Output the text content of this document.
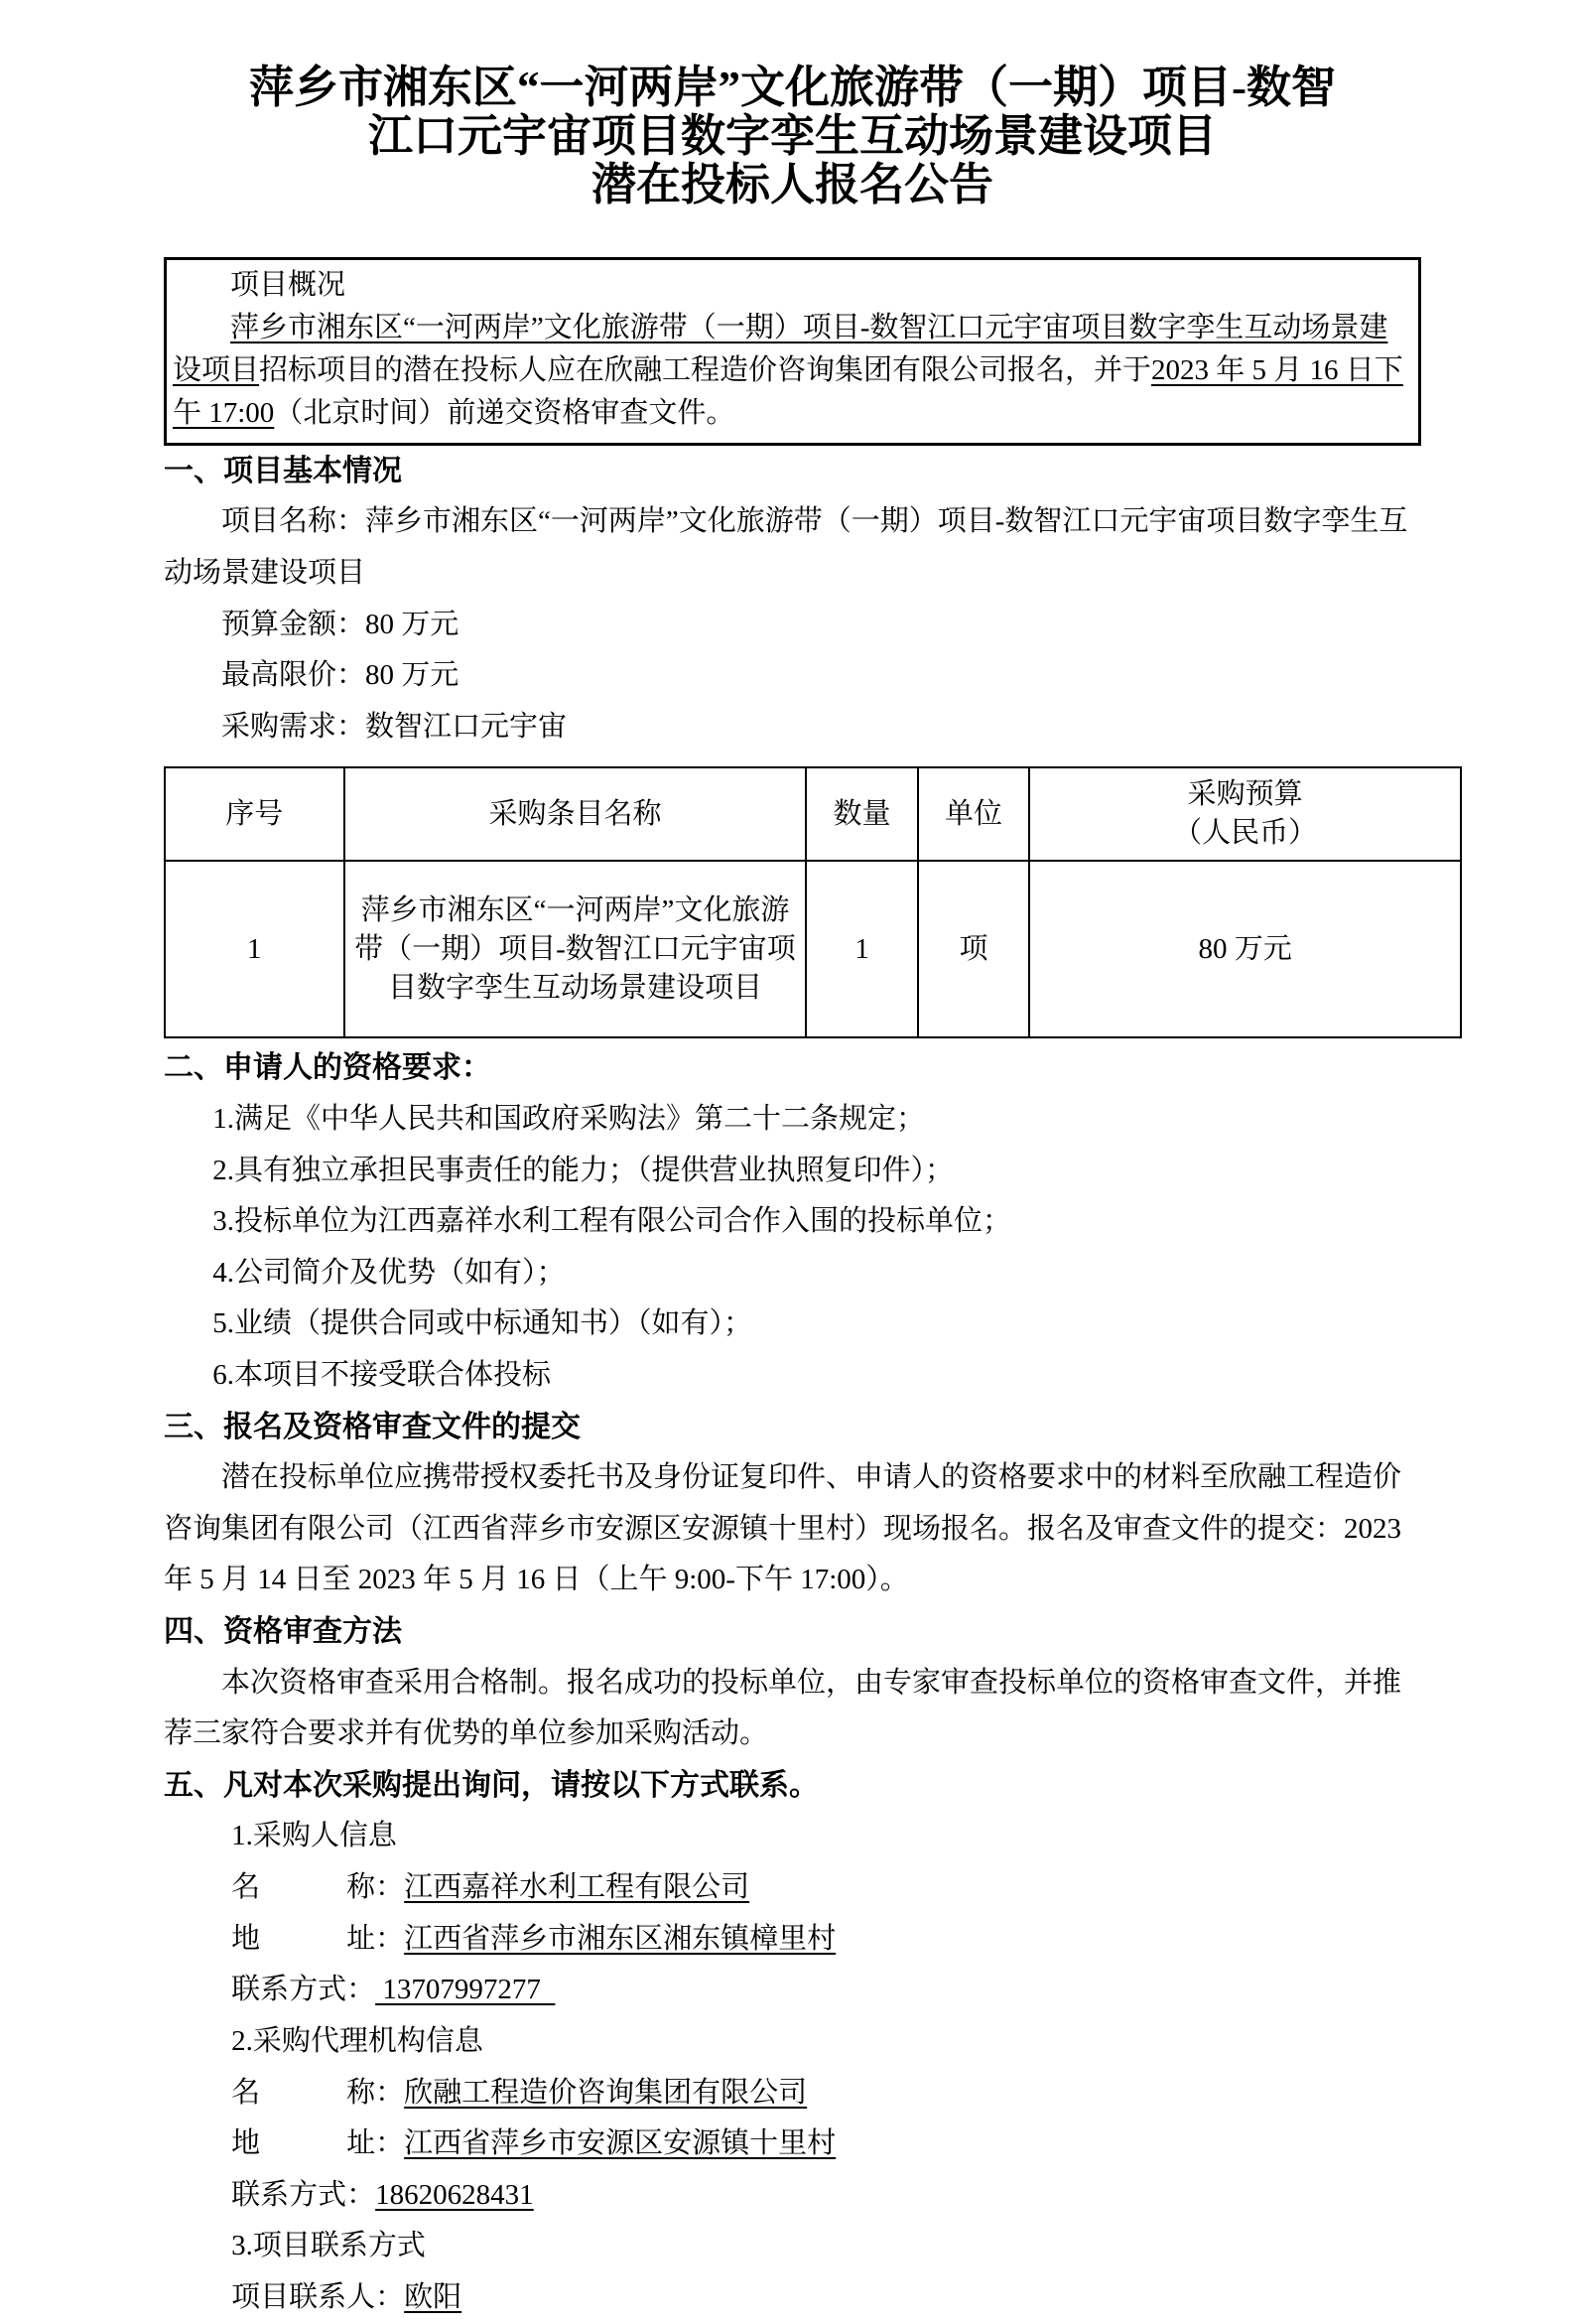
萍乡市湘东区“一河两岸”文化旅游带（一期）项目-数智
江口元宇宙项目数字孪生互动场景建设项目
潜在投标人报名公告

项目概况

萍乡市湘东区“一河两岸”文化旅游带（一期）项目-数智江口元宇宙项目数字孪生互动场景建设项目招标项目的潜在投标人应在欣融工程造价咨询集团有限公司报名，并于2023 年 5 月 16 日下午 17:00（北京时间）前递交资格审查文件。

一、项目基本情况

项目名称：萍乡市湘东区“一河两岸”文化旅游带（一期）项目-数智江口元宇宙项目数字孪生互动场景建设项目

预算金额：80 万元

最高限价：80 万元

采购需求：数智江口元宇宙

序号	采购条目名称	数量	单位	采购预算
（人民币）

1	萍乡市湘东区“一河两岸”文化旅游带（一期）项目-数智江口元宇宙项目数字孪生互动场景建设项目	1	项	80 万元

二、申请人的资格要求：

1.满足《中华人民共和国政府采购法》第二十二条规定；

2.具有独立承担民事责任的能力；（提供营业执照复印件）；

3.投标单位为江西嘉祥水利工程有限公司合作入围的投标单位；

4.公司简介及优势（如有）；

5.业绩（提供合同或中标通知书）（如有）；

6.本项目不接受联合体投标

三、报名及资格审查文件的提交

潜在投标单位应携带授权委托书及身份证复印件、申请人的资格要求中的材料至欣融工程造价咨询集团有限公司（江西省萍乡市安源区安源镇十里村）现场报名。报名及审查文件的提交：2023 年 5 月 14 日至 2023 年 5 月 16 日（上午 9:00-下午 17:00）。

四、资格审查方法

本次资格审查采用合格制。报名成功的投标单位，由专家审查投标单位的资格审查文件，并推荐三家符合要求并有优势的单位参加采购活动。

五、凡对本次采购提出询问，请按以下方式联系。

1.采购人信息

名　　　称：江西嘉祥水利工程有限公司

地　　　址：江西省萍乡市湘东区湘东镇樟里村

联系方式： 13707997277

2.采购代理机构信息

名　　　称：欣融工程造价咨询集团有限公司

地　　　址：江西省萍乡市安源区安源镇十里村

联系方式：18620628431

3.项目联系方式

项目联系人：欧阳
